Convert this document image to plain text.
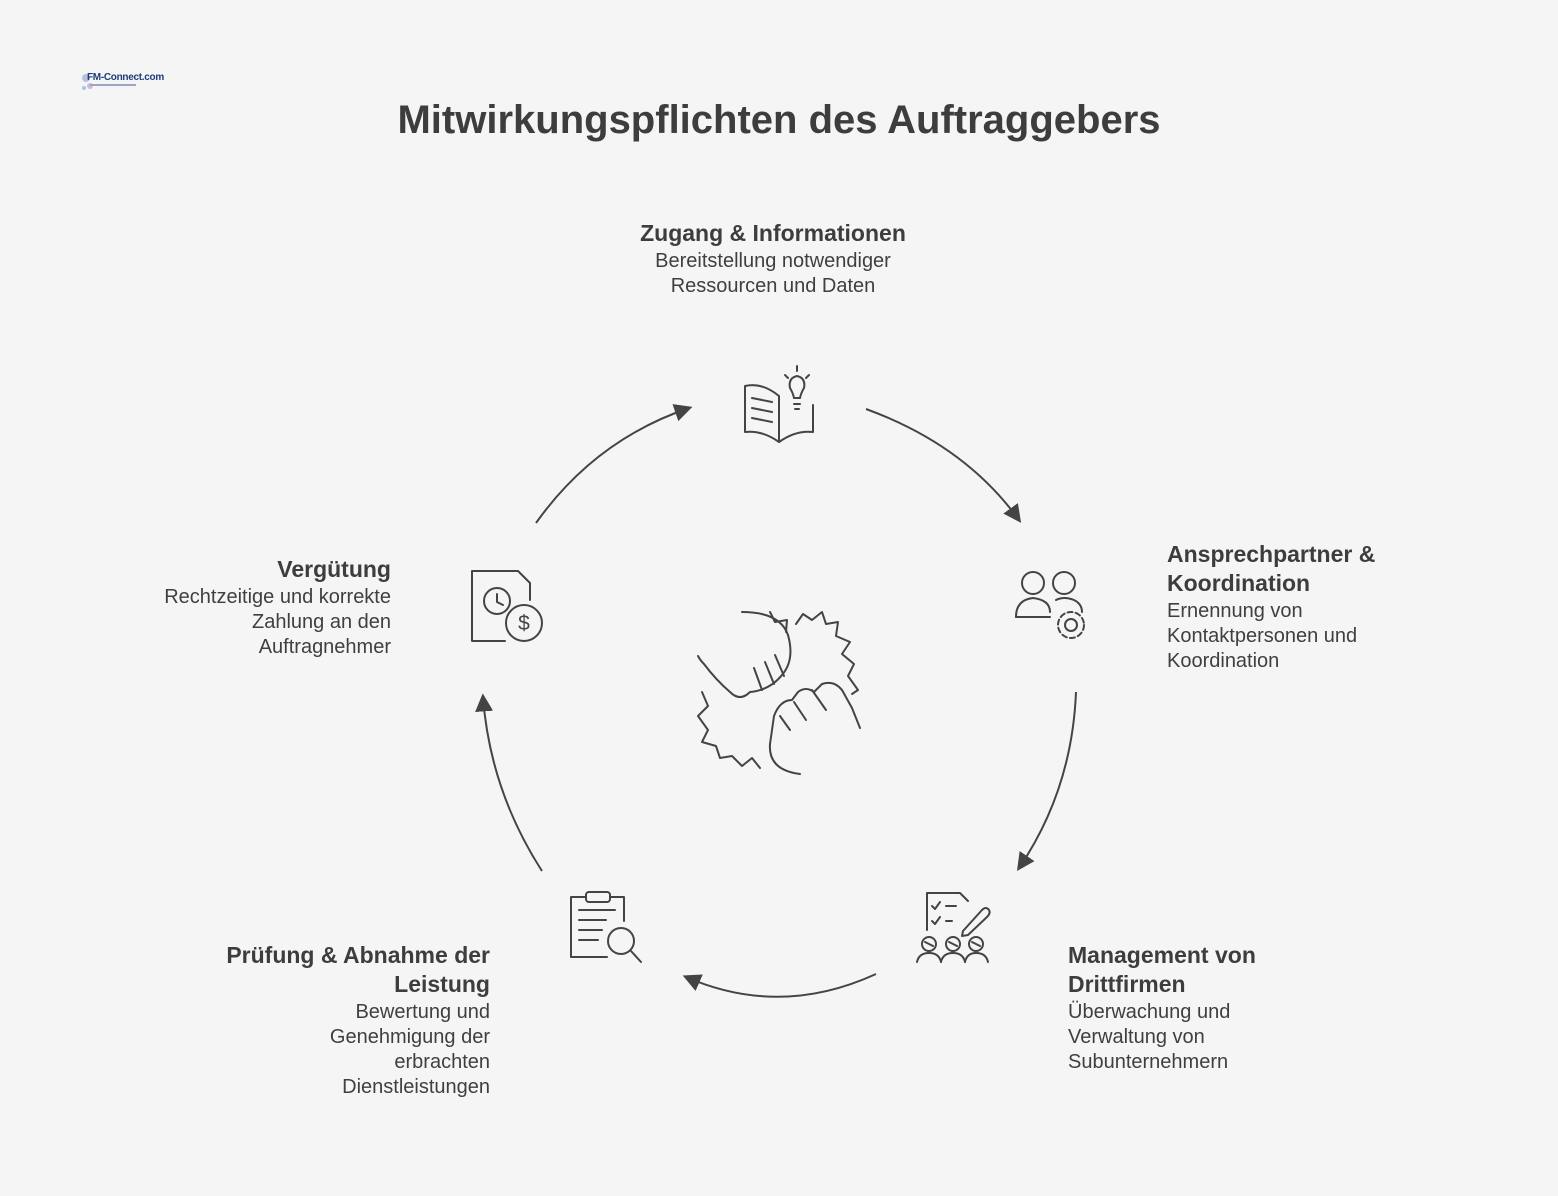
FM-Connect.com
Mitwirkungspflichten des Auftraggebers
$
Zugang & Informationen
Bereitstellung notwendiger
Ressourcen und Daten
Ansprechpartner &
Koordination
Ernennung von
Kontaktpersonen und
Koordination
Management von
Drittfirmen
Überwachung und
Verwaltung von
Subunternehmern
Prüfung & Abnahme der
Leistung
Bewertung und
Genehmigung der
erbrachten
Dienstleistungen
Vergütung
Rechtzeitige und korrekte
Zahlung an den
Auftragnehmer
